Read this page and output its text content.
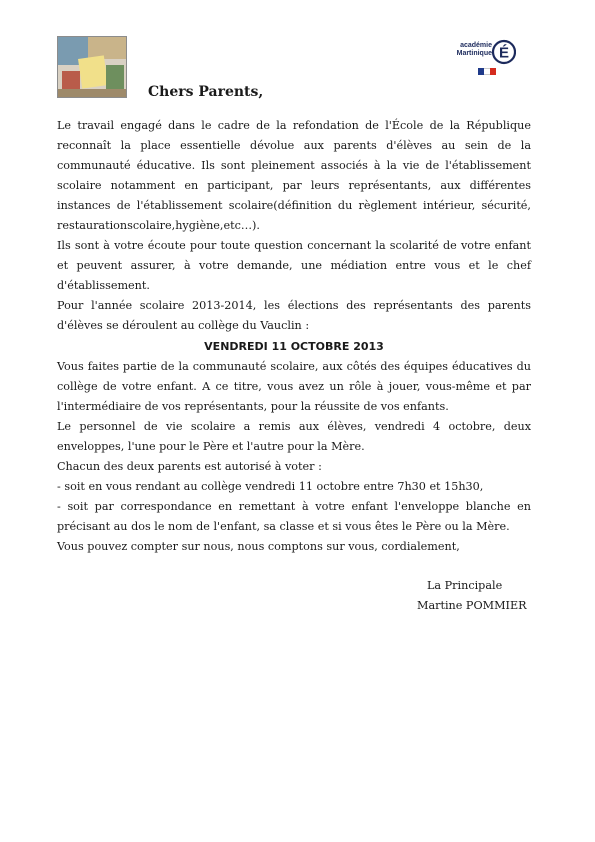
académie
Martinique É
Chers Parents,

Le travail engagé dans le cadre de la refondation de l'École de la République reconnaît la place essentielle dévolue aux parents d'élèves au sein de la communauté éducative. Ils sont pleinement associés à la vie de l'établissement scolaire notamment en participant, par leurs représentants, aux différentes instances de l'établissement scolaire(définition du règlement intérieur, sécurité, restaurationscolaire,hygiène,etc…).

Ils sont à votre écoute pour toute question concernant la scolarité de votre enfant et peuvent assurer, à votre demande, une médiation entre vous et le chef d'établissement.

Pour l'année scolaire 2013-2014, les élections des représentants des parents d'élèves se déroulent au collège du Vauclin :

VENDREDI 11 OCTOBRE 2013

Vous faites partie de la communauté scolaire, aux côtés des équipes éducatives du collège de votre enfant. A ce titre, vous avez un rôle à jouer, vous-même et par l'intermédiaire de vos représentants, pour la réussite de vos enfants.

Le personnel de vie scolaire a remis aux élèves, vendredi 4 octobre, deux enveloppes, l'une pour le Père et l'autre pour la Mère.

Chacun des deux parents est autorisé à voter :

- soit en vous rendant au collège vendredi 11 octobre entre 7h30 et 15h30,

- soit par correspondance en remettant à votre enfant l'enveloppe blanche en précisant au dos le nom de l'enfant, sa classe et si vous êtes le Père ou la Mère.

Vous pouvez compter sur nous, nous comptons sur vous, cordialement,

La Principale
Martine POMMIER
